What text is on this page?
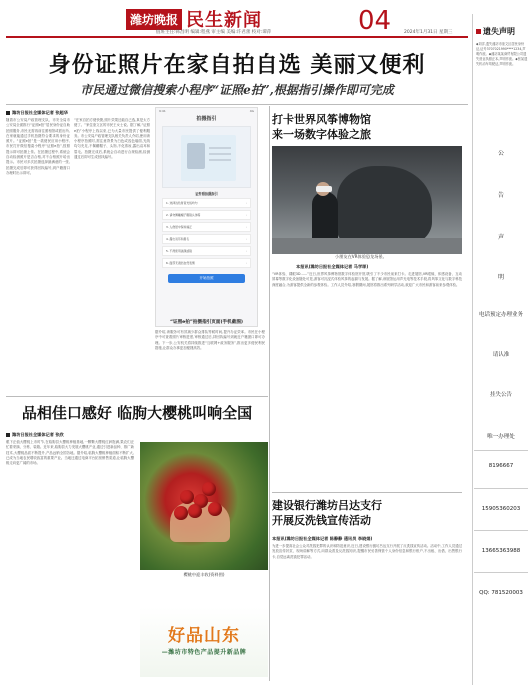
潍坊晚报 民生新闻
值班主任:韩昌明 编辑:程燕 审主编 美编:许君蕾 校对:谭萍	04	2024年1月31日 星期三
身份证照片在家自拍自选 美丽又便利
市民通过微信搜索小程序“证照e拍”,根据指引操作即可完成
潍坊日报社全媒体记者 张超华
随着市公安局户政管理支队、市安全局市公安局全面推行“证照e拍”居民身份证自助拍照服务,市民无需再前往照相馆或派出所,在家就能通过手机拍摄符合要求的身份证照片。“证照e拍”是一款便民应用小程序,市民打开微信搜索小程序“证照e拍”,按照提示即可拍摄上传。在拍摄过程中,系统会自动检测照片是否合格,对不合格照片给出提示。市民可多次拍摄选择最满意的一张,拍摄完成后即可获得回执编号,到户籍窗口办理时出示即可。
“在家自拍方便快捷,照片效果还能自己选,真是太方便了。”家住奎文区的市民王女士说。据了解,“证照e拍”小程序上线以来,已为大量市民提供了便利服务。市公安局户政管理支队相关负责人介绍,使用该小程序拍照时,需注意背景为白色或浅色墙面,光线均匀充足,不佩戴帽子、头饰,不化浓妆,露出双耳和眉毛。拍摄完成后,系统会自动进行合规检测,检测通过后即可生成回执编号。
据介绍,该服务可有效减少群众排队等候时间,提升办证效率。市民在小程序中可查看照片审核进度,审核通过后,持回执编号到就近户籍窗口即可办理。下一步,公安机关将持续推进“互联网+政务服务”,推出更多便民利民措施,让群众办事更加便捷高效。
9:41	4G
拍摄指引
证件照拍摄指引
1. 选择浅色背景光线均匀	›
2. 请勿佩戴帽子眼镜头饰等	›
3. 人像居中保持端正	›
4. 露出双耳和眉毛	›
5. 不得使用美颜滤镜	›
6. 面部无遮挡自然表情	›
开始拍照
“证照e拍”拍摄指引页面(手机截图)
打卡世界风筝博物馆
来一场数字体验之旅
小朋友在VR体验恐龙场景。
本报讯(潍坊日报社全媒体记者 马学琛)
“VR体验、裸眼3D……”近日,世界风筝博物馆数字体验馆开馆,吸引了不少市民前来打卡。走进展馆,VR眼镜、体感设备、互动屏幕等数字化设备随处可见,游客可沉浸式体验风筝的起源与发展。据了解,该展馆运用声光电等技术手段,将风筝文化与数字科技深度融合,为游客提供全新的参观体验。工作人员介绍,寒假期间,展馆将推出系列研学活动,欢迎广大市民和游客前来参观体验。
品相佳口感好 临朐大樱桃叫响全国
潍坊日报社全媒体记者 张欣
眼下正值大樱桃上市时节,在临朐县大樱桃种植基地,一颗颗大樱桃红润饱满,果农们正忙着采摘、分拣、装箱。近年来,临朐县大力发展大樱桃产业,通过引进新品种、推广新技术,大樱桃品质不断提升,产品远销全国各地。据介绍,临朐大樱桃种植面积不断扩大,已成为当地农民增收致富的重要产业。当地还通过电商平台拓宽销售渠道,让临朐大樱桃走向更广阔的市场。
樱桃中迎丰收(资料图)
好品山东
—潍坊市特色产品提升新品牌
建设银行潍坊吕达支行
开展反洗钱宣传活动
本报讯(潍坊日报社全媒体记者 陈静静 通讯员 李晓娟)
为进一步提高社会公众对洗钱犯罪的认识和防范意识,近日,建设银行潍坊吕达支行开展了反洗钱宣传活动。活动中,工作人员通过发放宣传折页、现场讲解等方式,向群众普及反洗钱知识,提醒市民妥善保管个人身份信息和银行账户,不出租、出借、出售银行卡,自觉远离洗钱犯罪活动。
遗失声明
◆刘洋,遗失潍坊市奎文区居民身份证,证号3707021990****1234,声明作废。◆潍坊某某商贸有限公司遗失营业执照正本,声明作废。◆张某遗失机动车驾驶证,声明作废。
公
告
声
明
电话预定办理业务
请认准
挂失公告
唯一办理处
8196667
15905360203
13665363988
QQ: 781520003
